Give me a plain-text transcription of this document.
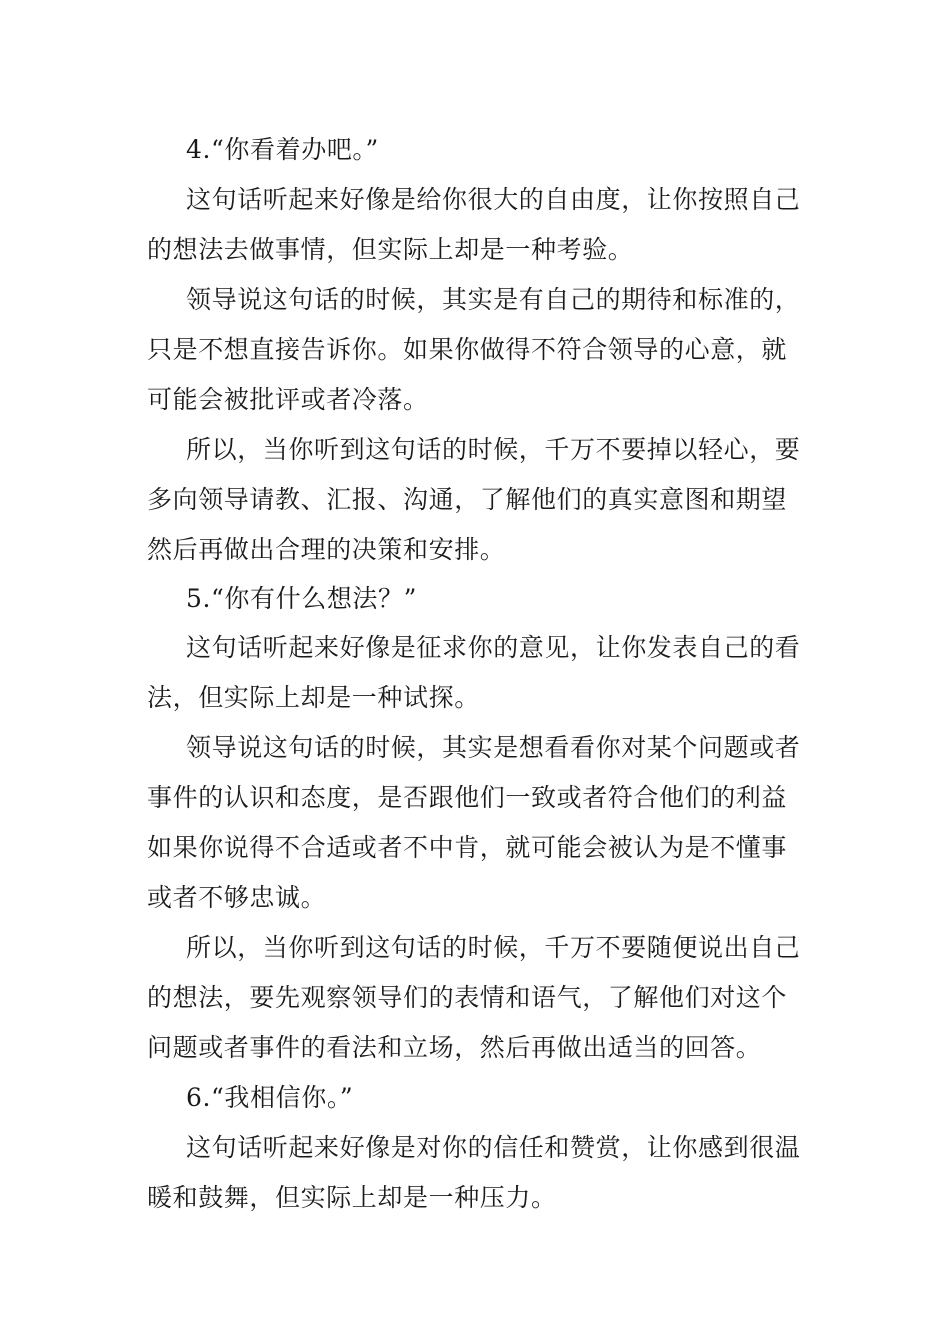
4.“你看着办吧。”
这句话听起来好像是给你很大的自由度，让你按照自己
的想法去做事情，但实际上却是一种考验。
领导说这句话的时候，其实是有自己的期待和标准的，
只是不想直接告诉你。如果你做得不符合领导的心意，就
可能会被批评或者冷落。
所以，当你听到这句话的时候，千万不要掉以轻心，要
多向领导请教、汇报、沟通，了解他们的真实意图和期望
然后再做出合理的决策和安排。
5.“你有什么想法？”
这句话听起来好像是征求你的意见，让你发表自己的看
法，但实际上却是一种试探。
领导说这句话的时候，其实是想看看你对某个问题或者
事件的认识和态度，是否跟他们一致或者符合他们的利益
如果你说得不合适或者不中肯，就可能会被认为是不懂事
或者不够忠诚。
所以，当你听到这句话的时候，千万不要随便说出自己
的想法，要先观察领导们的表情和语气，了解他们对这个
问题或者事件的看法和立场，然后再做出适当的回答。
6.“我相信你。”
这句话听起来好像是对你的信任和赞赏，让你感到很温
暖和鼓舞，但实际上却是一种压力。
